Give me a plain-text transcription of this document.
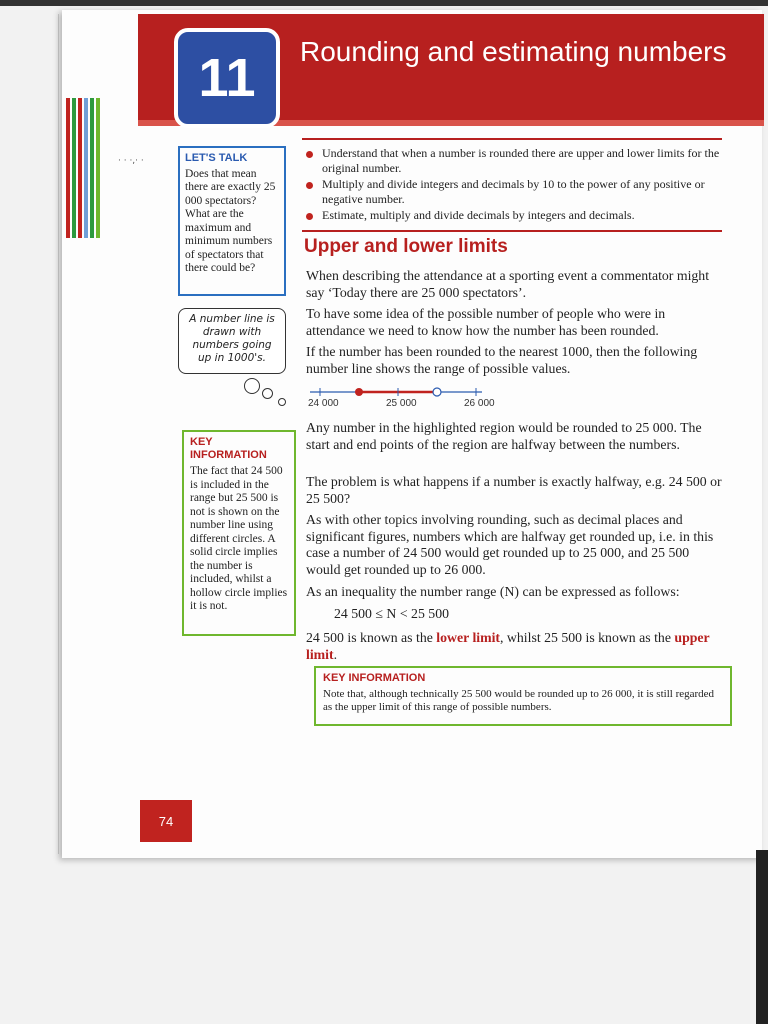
· · ·,· ·
11	Rounding and estimating numbers
LET'S TALK
Does that mean there are exactly 25 000 spectators? What are the maximum and minimum numbers of spectators that there could be?
A number line is drawn with numbers going up in 1000's.
KEY INFORMATION
The fact that 24 500 is included in the range but 25 500 is not is shown on the number line using different circles. A solid circle implies the number is included, whilst a hollow circle implies it is not.
Understand that when a number is rounded there are upper and lower limits for the original number.
Multiply and divide integers and decimals by 10 to the power of any positive or negative number.
Estimate, multiply and divide decimals by integers and decimals.
Upper and lower limits
When describing the attendance at a sporting event a commentator might say ‘Today there are 25 000 spectators’.
To have some idea of the possible number of people who were in attendance we need to know how the number has been rounded.
If the number has been rounded to the nearest 1000, then the following number line shows the range of possible values.
24 000	25 000	26 000
Any number in the highlighted region would be rounded to 25 000. The start and end points of the region are halfway between the numbers.
The problem is what happens if a number is exactly halfway, e.g. 24 500 or 25 500?
As with other topics involving rounding, such as decimal places and significant figures, numbers which are halfway get rounded up, i.e. in this case a number of 24 500 would get rounded up to 25 000, and 25 500 would get rounded up to 26 000.
As an inequality the number range (N) can be expressed as follows:
24 500 ≤ N < 25 500
24 500 is known as the lower limit, whilst 25 500 is known as the upper limit.
KEY INFORMATION
Note that, although technically 25 500 would be rounded up to 26 000, it is still regarded as the upper limit of this range of possible numbers.
74
